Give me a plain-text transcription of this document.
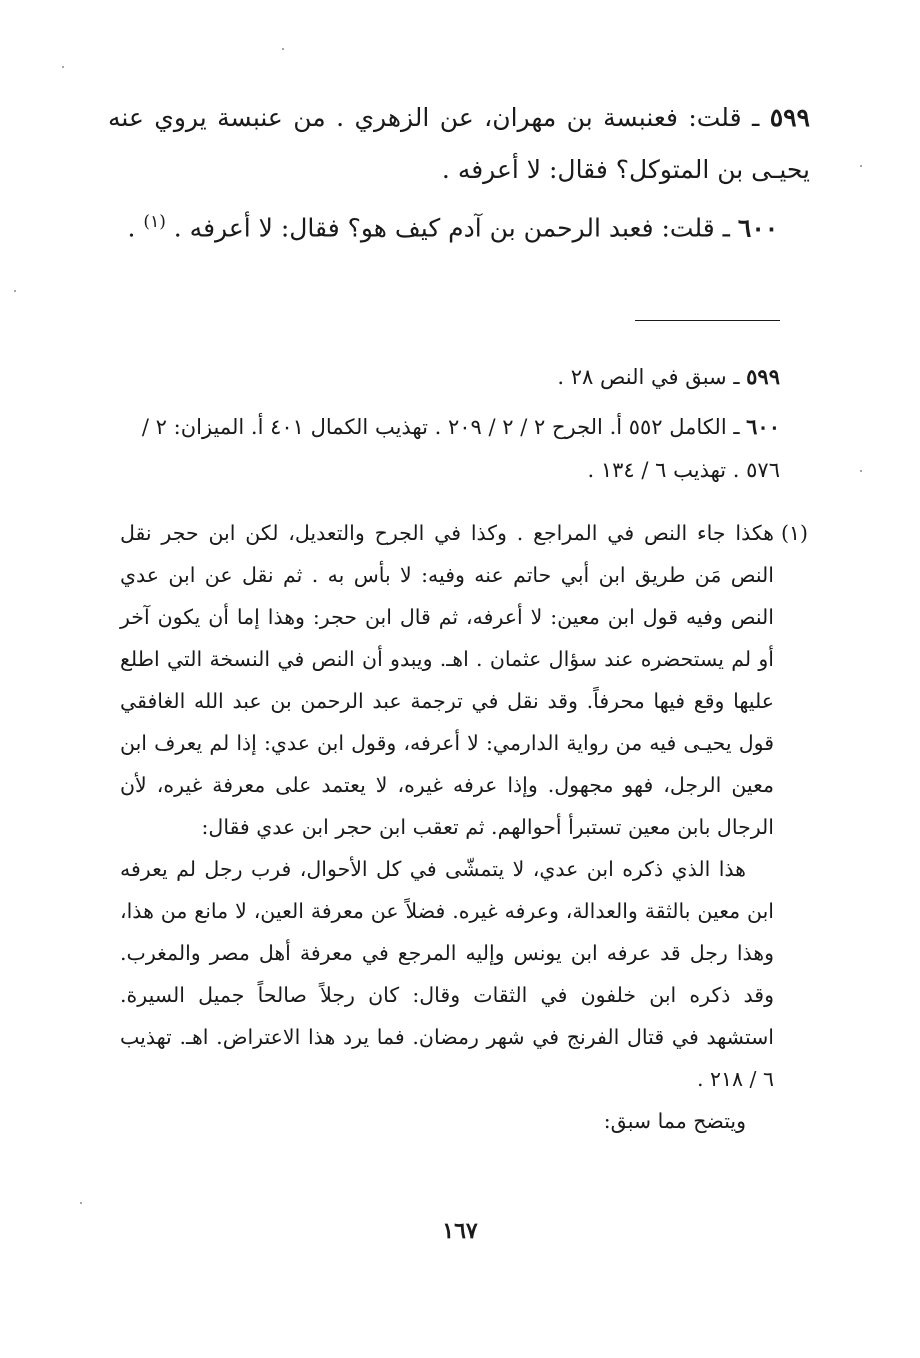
٥٩٩ ـ قلت: فعنبسة بن مهران، عن الزهري . من عنبسة يروي عنه يحيـى بن المتوكل؟ فقال: لا أعرفه .

٦٠٠ ـ قلت: فعبد الرحمن بن آدم كيف هو؟ فقال: لا أعرفه . $^{(١)}$ .

٥٩٩ ـ سبق في النص ٢٨ .

٦٠٠ ـ الكامل ٥٥٢ أ. الجرح ٢ / ٢ / ٢٠٩ . تهذيب الكمال ٤٠١ أ. الميزان: ٢ / ٥٧٦ . تهذيب ٦ / ١٣٤ .

(١)

هكذا جاء النص في المراجع . وكذا في الجرح والتعديل، لكن ابن حجر نقل النص مَن طريق ابن أبي حاتم عنه وفيه: لا بأس به . ثم نقل عن ابن عدي النص وفيه قول ابن معين: لا أعرفه، ثم قال ابن حجر: وهذا إما أن يكون آخر أو لم يستحضره عند سؤال عثمان . اهـ. ويبدو أن النص في النسخة التي اطلع عليها وقع فيها محرفاً. وقد نقل في ترجمة عبد الرحمن بن عبد الله الغافقي قول يحيـى فيه من رواية الدارمي: لا أعرفه، وقول ابن عدي: إذا لم يعرف ابن معين الرجل، فهو مجهول. وإذا عرفه غيره، لا يعتمد على معرفة غيره، لأن الرجال بابن معين تستبرأ أحوالهم. ثم تعقب ابن حجر ابن عدي فقال:

هذا الذي ذكره ابن عدي، لا يتمشّى في كل الأحوال، فرب رجل لم يعرفه ابن معين بالثقة والعدالة، وعرفه غيره. فضلاً عن معرفة العين، لا مانع من هذا، وهذا رجل قد عرفه ابن يونس وإليه المرجع في معرفة أهل مصر والمغرب. وقد ذكره ابن خلفون في الثقات وقال: كان رجلاً صالحاً جميل السيرة. استشهد في قتال الفرنج في شهر رمضان. فما يرد هذا الاعتراض. اهـ. تهذيب ٦ / ٢١٨ .

ويتضح مما سبق:

١٦٧
